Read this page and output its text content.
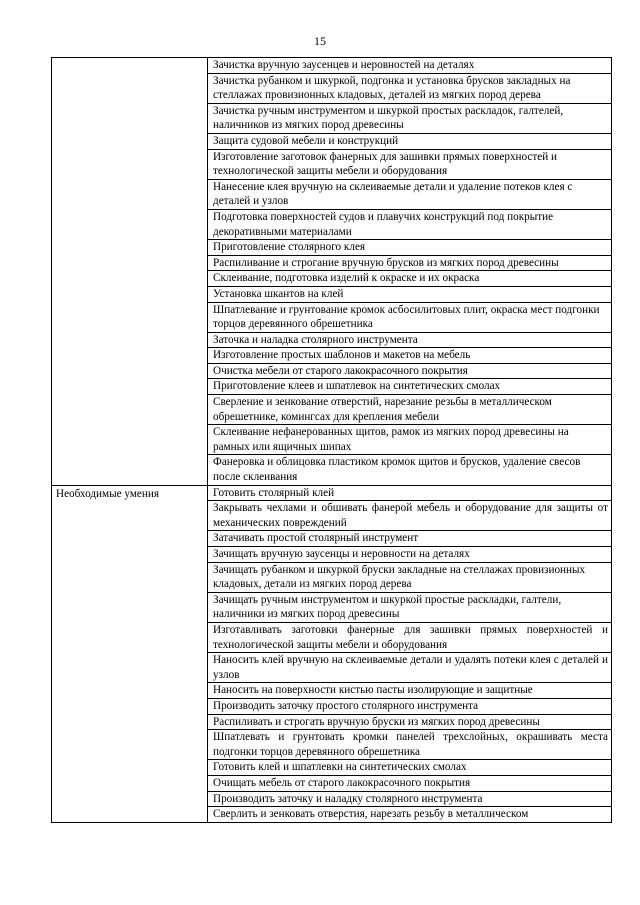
15
	Зачистка вручную заусенцев и неровностей на деталях
	Зачистка рубанком и шкуркой, подгонка и установка брусков закладных на стеллажах провизионных кладовых, деталей из мягких пород дерева
	Зачистка ручным инструментом и шкуркой простых раскладок, галтелей, наличников из мягких пород древесины
	Защита судовой мебели и конструкций
	Изготовление заготовок фанерных для зашивки прямых поверхностей и технологической защиты мебели и оборудования
	Нанесение клея вручную на склеиваемые детали и удаление потеков клея с деталей и узлов
	Подготовка поверхностей судов и плавучих конструкций под покрытие декоративными материалами
	Приготовление столярного клея
	Распиливание и строгание вручную брусков из мягких пород древесины
	Склеивание, подготовка изделий к окраске и их окраска
	Установка шкантов на клей
	Шпатлевание и грунтование кромок асбосилитовых плит, окраска мест подгонки торцов деревянного обрешетника
	Заточка и наладка столярного инструмента
	Изготовление простых шаблонов и макетов на мебель
	Очистка мебели от старого лакокрасочного покрытия
	Приготовление клеев и шпатлевок на синтетических смолах
	Сверление и зенкование отверстий, нарезание резьбы в металлическом обрешетнике, комингсах для крепления мебели
	Склеивание нефанерованных щитов, рамок из мягких пород древесины на рамных или ящичных шипах
	Фанеровка и облицовка пластиком кромок щитов и брусков, удаление свесов после склеивания
Необходимые умения	Готовить столярный клей
	Закрывать чехлами и обшивать фанерой мебель и оборудование для защиты от механических повреждений
	Затачивать простой столярный инструмент
	Зачищать вручную заусенцы и неровности на деталях
	Зачищать рубанком и шкуркой бруски закладные на стеллажах провизионных кладовых, детали из мягких пород дерева
	Зачищать ручным инструментом и шкуркой простые раскладки, галтели, наличники из мягких пород древесины
	Изготавливать заготовки фанерные для зашивки прямых поверхностей и технологической защиты мебели и оборудования
	Наносить клей вручную на склеиваемые детали и удалять потеки клея с деталей и узлов
	Наносить на поверхности кистью пасты изолирующие и защитные
	Производить заточку простого столярного инструмента
	Распиливать и строгать вручную бруски из мягких пород древесины
	Шпатлевать и грунтовать кромки панелей трехслойных, окрашивать места подгонки торцов деревянного обрешетника
	Готовить клей и шпатлевки на синтетических смолах
	Очищать мебель от старого лакокрасочного покрытия
	Производить заточку и наладку столярного инструмента
	Сверлить и зенковать отверстия, нарезать резьбу в металлическом
